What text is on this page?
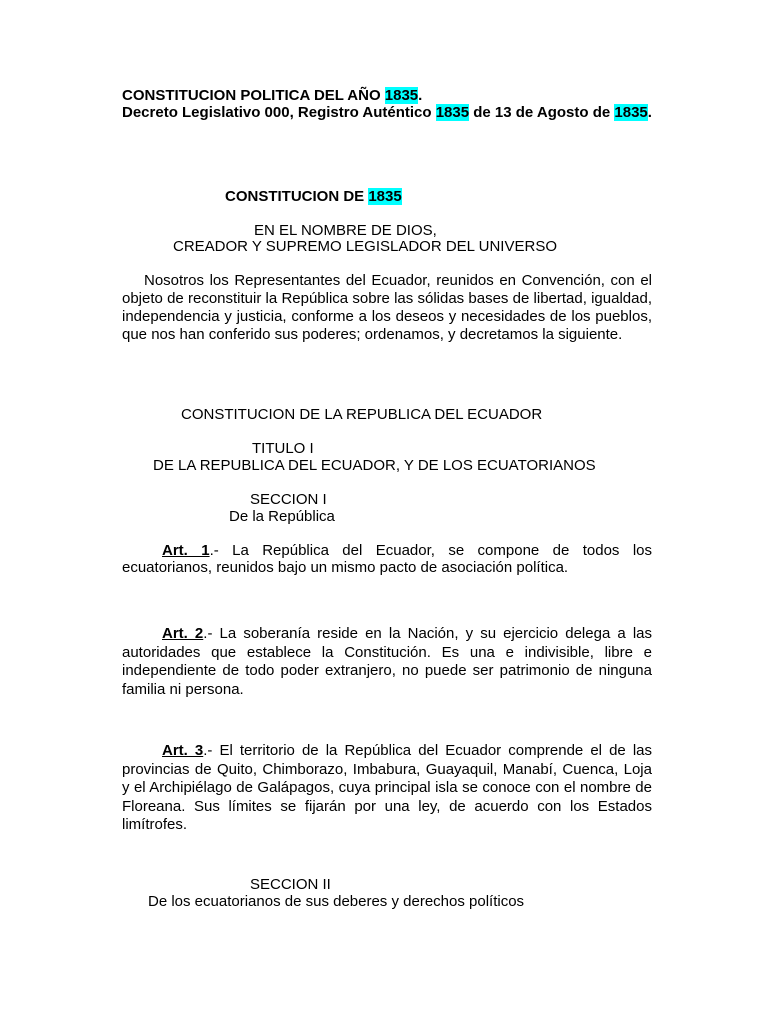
CONSTITUCION POLITICA DEL AÑO 1835.
Decreto Legislativo 000, Registro Auténtico 1835 de 13 de Agosto de 1835.
CONSTITUCION DE 1835
EN EL NOMBRE DE DIOS,
CREADOR Y SUPREMO LEGISLADOR DEL UNIVERSO
Nosotros los Representantes del Ecuador, reunidos en Convención, con el objeto de reconstituir la República sobre las sólidas bases de libertad, igualdad, independencia y justicia, conforme a los deseos y necesidades de los pueblos, que nos han conferido sus poderes; ordenamos, y decretamos la siguiente.
CONSTITUCION DE LA REPUBLICA DEL ECUADOR
TITULO I
DE LA REPUBLICA DEL ECUADOR, Y DE LOS ECUATORIANOS
SECCION I
De la República
Art. 1.- La República del Ecuador, se compone de todos los ecuatorianos, reunidos bajo un mismo pacto de asociación política.
Art. 2.- La soberanía reside en la Nación, y su ejercicio delega a las autoridades que establece la Constitución. Es una e indivisible, libre e independiente de todo poder extranjero, no puede ser patrimonio de ninguna familia ni persona.
Art. 3.- El territorio de la República del Ecuador comprende el de las provincias de Quito, Chimborazo, Imbabura, Guayaquil, Manabí, Cuenca, Loja y el Archipiélago de Galápagos, cuya principal isla se conoce con el nombre de Floreana. Sus límites se fijarán por una ley, de acuerdo con los Estados limítrofes.
SECCION II
De los ecuatorianos de sus deberes y derechos políticos
